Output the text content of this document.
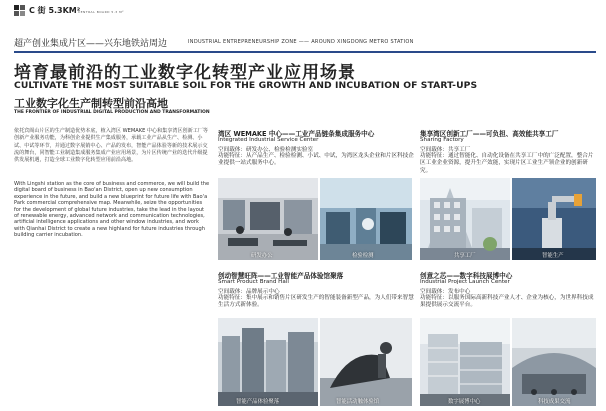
C 街 5.3KM²
CENTRAL BOARD 5.3 M²
超产创业集成片区——兴东地铁站周边	INDUSTRIAL ENTREPRENEURSHIP ZONE —— AROUND XINGDONG METRO STATION
培育最前沿的工业数字化转型产业应用场景
CULTIVATE THE MOST SUITABLE SOIL FOR THE GROWTH AND INCUBATION OF START-UPS
工业数字化生产制转型前沿高地
THE FRONTIER OF INDUSTRIAL DIGITAL PRODUCTION AND TRANSFORMATION
依托宾阁山片区的生产制造优势本底，植入湾区 WEMAKE 中心和集享湾区创新工厂等创新产业服务功能，为科创企业提供生产集成服务，承载工业产品从生产、检测、小试、中试等环节，并通过数字展销中心、产品的发布，智能产品体验等新的技术展示交流的舞台，同智能工业制造集成服务集成产业应用场景，为片区传统产业的迭代升级提供发展机遇，打造全球工业数字化转型应用前沿高地。
With Lingshi station as the core of business and commerce, we will build the digital board of business in Bao'an District, open up new consumption experience in the future, and build a new blueprint for future life with Bao'a Park commercial comprehensive map. Meanwhile, seize the opportunities for the development of global future industries, take the lead in the layout of renewable energy, advanced network and communication technologies, artificial intelligence applications and other window industries, and work with Qianhai District to create a new highland for future industries through building carrier incubation.
湾区 WEMAKE 中心——工业产品链条集成服务中心
Integrated Industrial Service Center
空间载体：研发办公、检验检测实验室
功能特征：从产品生产、检验检测、小试、中试，为湾区龙头企业和片区科技企业提供一站式服务中心。
研发办公	检验检测
集享湾区创新工厂——可负担、高效能共享工厂
Sharing Factory
空间载体：共享工厂
功能特征：通过智能化、自动化设备在共享工厂中的广泛配置，整合片区工业企业资源，提升生产效能，实现片区工业生产领企业的创新研究。
共享工厂	智能生产
创动智慧旺阵——工业智能产品体验馆聚落
Smart Product Brand Hall
空间载体：品牌展示中心
功能特征：集中展示和销售片区研发生产的智能装备新型产品，为人们带来智慧生活方式新体验。
智能产品体验聚落	智能活动触体验馆
创意之芯——数字科技展博中心
Industrial Project Launch Center
空间载体：发布中心
功能特征：以服务国际高新科技产业人才、企业为核心，为世界科技成果提供展示交流平台。
数字展博中心	科技成果交流
